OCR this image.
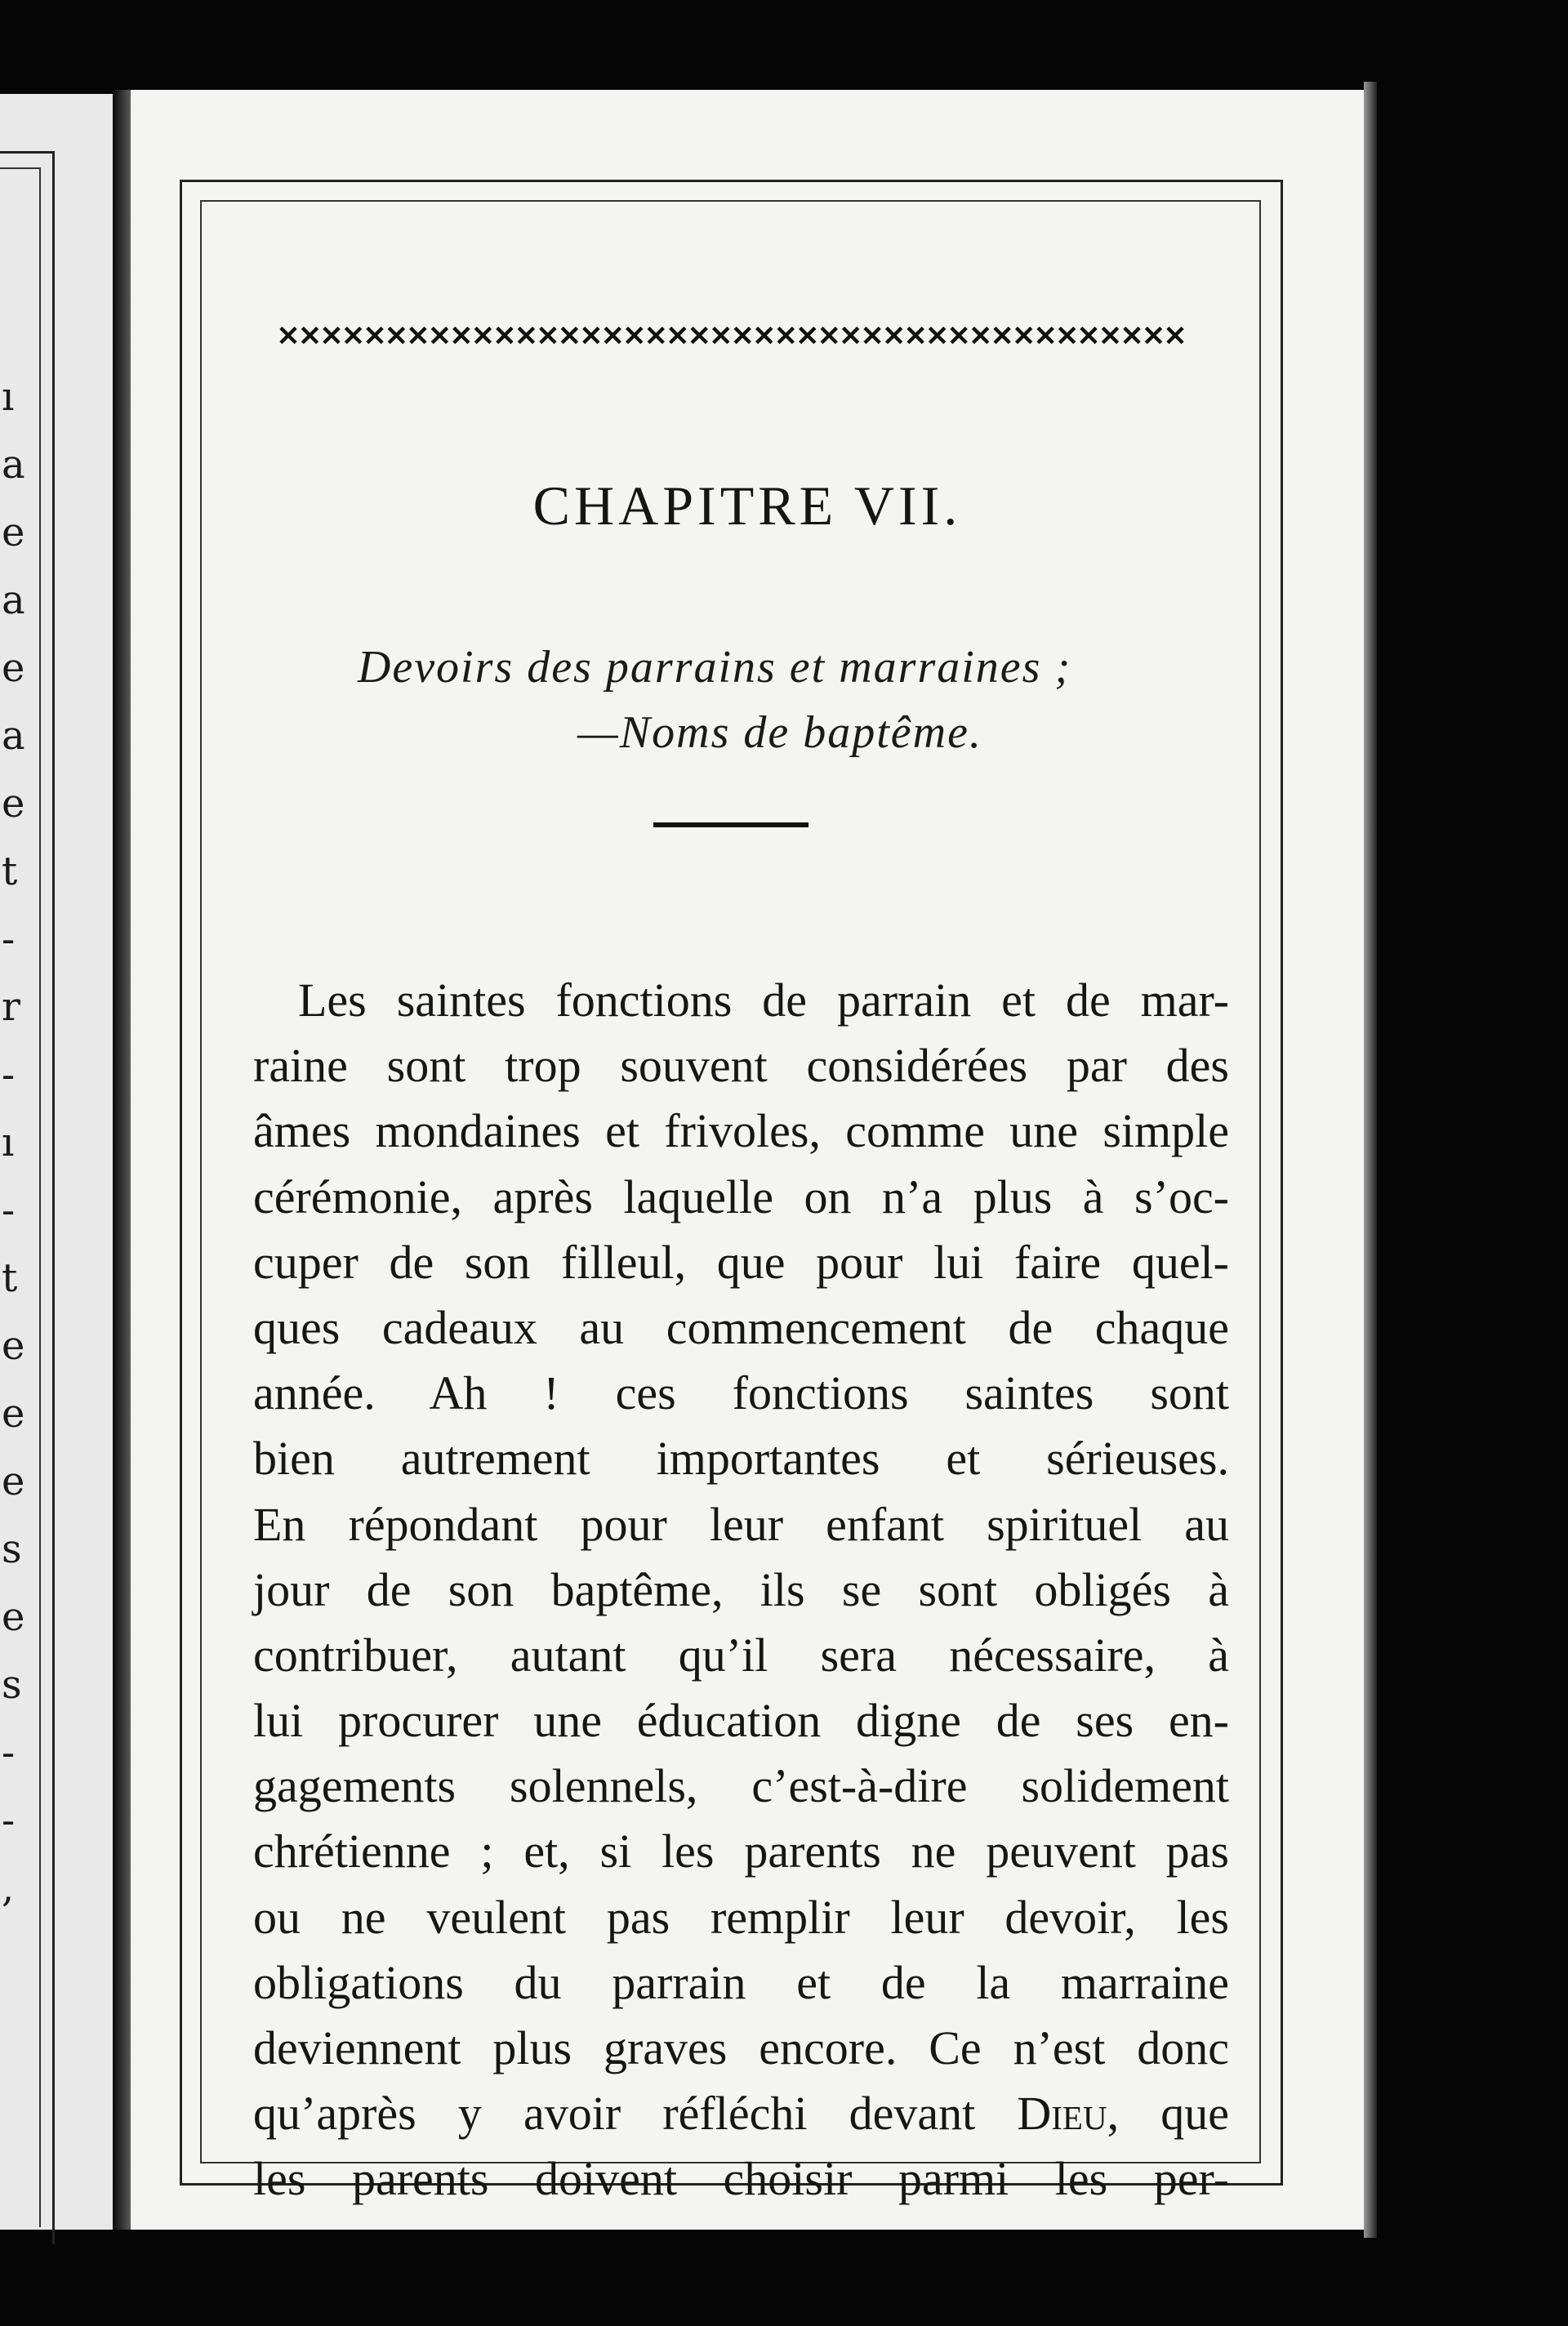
ı
a
e
a
e
a
e
t
-
r
-
ı
-
t
e
e
e
s
e
s
-
-
,
✕✕✕✕✕✕✕✕✕✕✕✕✕✕✕✕✕✕✕✕✕✕✕✕✕✕✕✕✕✕✕✕✕✕✕✕✕✕✕✕✕✕
CHAPITRE VII.
Devoirs des parrains et marraines ;
—Noms de baptême.
Les saintes fonctions de parrain et de mar-
raine sont trop souvent considérées par des
âmes mondaines et frivoles, comme une simple
cérémonie, après laquelle on n’a plus à s’oc-
cuper de son filleul, que pour lui faire quel-
ques cadeaux au commencement de chaque
année. Ah ! ces fonctions saintes sont
bien autrement importantes et sérieuses.
En répondant pour leur enfant spirituel au
jour de son baptême, ils se sont obligés à
contribuer, autant qu’il sera nécessaire, à
lui procurer une éducation digne de ses en-
gagements solennels, c’est-à-dire solidement
chrétienne ; et, si les parents ne peuvent pas
ou ne veulent pas remplir leur devoir, les
obligations du parrain et de la marraine
deviennent plus graves encore. Ce n’est donc
qu’après y avoir réfléchi devant Dieu, que
les parents doivent choisir parmi les per-
